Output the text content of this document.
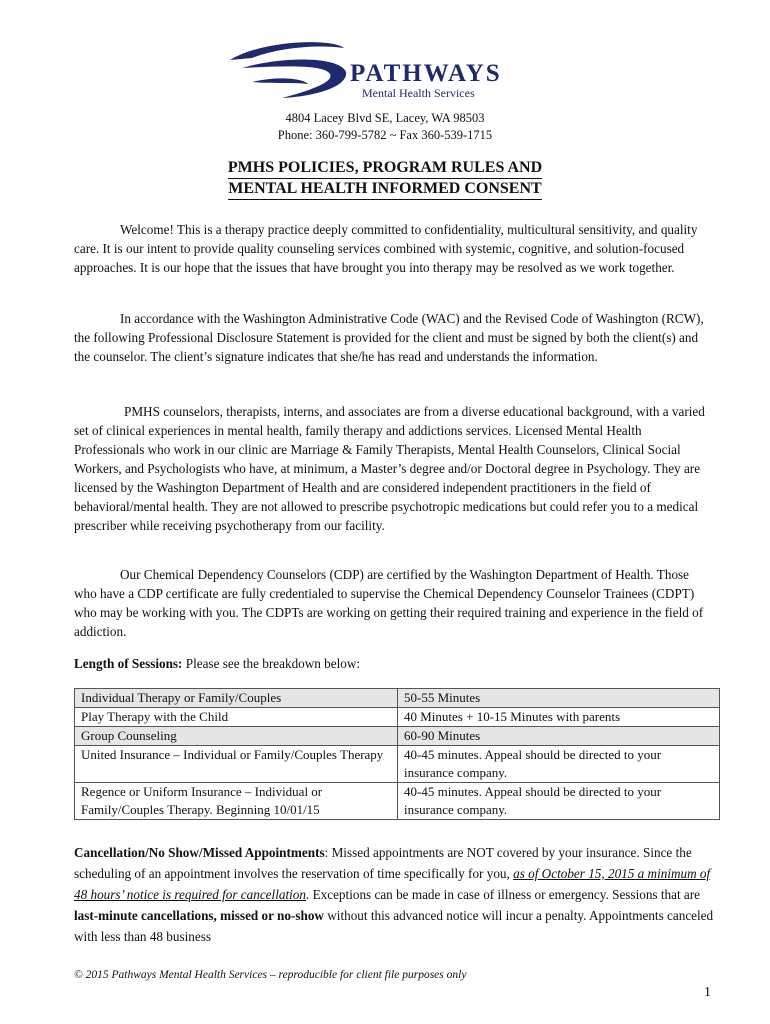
PATHWAYS
Mental Health Services
4804 Lacey Blvd SE, Lacey, WA 98503
Phone: 360-799-5782 ~ Fax 360-539-1715
PMHS POLICIES, PROGRAM RULES AND
MENTAL HEALTH INFORMED CONSENT
Welcome! This is a therapy practice deeply committed to confidentiality, multicultural sensitivity, and quality care. It is our intent to provide quality counseling services combined with systemic, cognitive, and solution-focused approaches. It is our hope that the issues that have brought you into therapy may be resolved as we work together.
In accordance with the Washington Administrative Code (WAC) and the Revised Code of Washington (RCW), the following Professional Disclosure Statement is provided for the client and must be signed by both the client(s) and the counselor. The client’s signature indicates that she/he has read and understands the information.
PMHS counselors, therapists, interns, and associates are from a diverse educational background, with a varied set of clinical experiences in mental health, family therapy and addictions services. Licensed Mental Health Professionals who work in our clinic are Marriage & Family Therapists, Mental Health Counselors, Clinical Social Workers, and Psychologists who have, at minimum, a Master’s degree and/or Doctoral degree in Psychology. They are licensed by the Washington Department of Health and are considered independent practitioners in the field of behavioral/mental health. They are not allowed to prescribe psychotropic medications but could refer you to a medical prescriber while receiving psychotherapy from our facility.
Our Chemical Dependency Counselors (CDP) are certified by the Washington Department of Health. Those who have a CDP certificate are fully credentialed to supervise the Chemical Dependency Counselor Trainees (CDPT) who may be working with you. The CDPTs are working on getting their required training and experience in the field of addiction.
Length of Sessions: Please see the breakdown below:
Individual Therapy or Family/Couples	50-55 Minutes
Play Therapy with the Child	40 Minutes + 10-15 Minutes with parents
Group Counseling	60-90 Minutes
United Insurance – Individual or Family/Couples Therapy	40-45 minutes. Appeal should be directed to your insurance company.
Regence or Uniform Insurance – Individual or Family/Couples Therapy. Beginning 10/01/15	40-45 minutes. Appeal should be directed to your insurance company.
Cancellation/No Show/Missed Appointments: Missed appointments are NOT covered by your insurance. Since the scheduling of an appointment involves the reservation of time specifically for you, as of October 15, 2015 a minimum of 48 hours’ notice is required for cancellation. Exceptions can be made in case of illness or emergency. Sessions that are last-minute cancellations, missed or no-show without this advanced notice will incur a penalty. Appointments canceled with less than 48 business
© 2015 Pathways Mental Health Services – reproducible for client file purposes only
1
